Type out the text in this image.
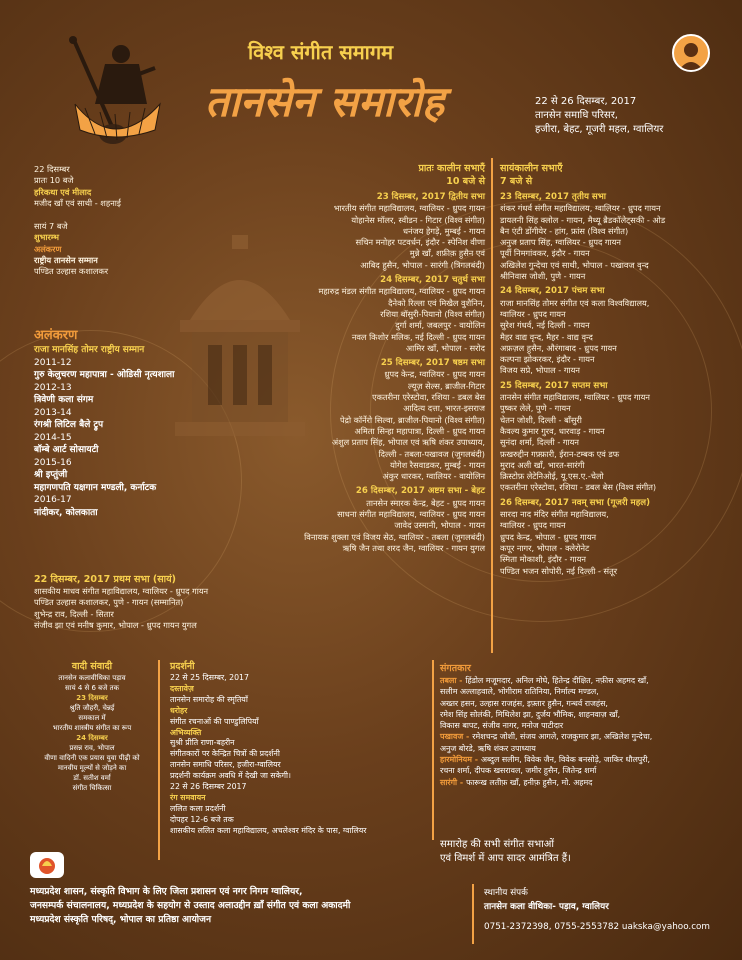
विश्व संगीत समागम
तानसेन समारोह	22 से 26 दिसम्बर, 2017
तानसेन समाधि परिसर,
हजीरा, बेहट, गूजरी महल, ग्वालियर
22 दिसम्बर
प्रातः 10 बजे
हरिकथा एवं मीलाद
मजीद खाँ एवं साथी - शहनाई
सायं 7 बजे
शुभारम्भ
अलंकरण
राष्ट्रीय तानसेन सम्मान
पण्डित उल्हास कशालकर
अलंकरण
राजा मानसिंह तोमर राष्ट्रीय सम्मान
2011-12
गुरु केलुचरण महापात्रा - ओडिसी नृत्यशाला
2012-13
त्रिवेणी कला संगम
2013-14
रंगश्री लिटिल बैले ट्रुप
2014-15
बॉम्बे आर्ट सोसायटी
2015-16
श्री इप्तुंजी
महागणपति यक्षगान मण्डली, कर्नाटक
2016-17
नांदीकर, कोलकाता
22 दिसम्बर, 2017 प्रथम सभा (सायं)
शासकीय माधव संगीत महाविद्यालय, ग्वालियर - ध्रुपद गायन
पण्डित उल्हास कशालकर, पुणे - गायन (सम्मानित)
शुभेन्द्र राव, दिल्ली - सितार
संजीव झा एवं मनीष कुमार, भोपाल - ध्रुपद गायन युगल
प्रातः कालीन सभाएँ
10 बजे से
23 दिसम्बर, 2017 द्वितीय सभा
भारतीय संगीत महाविद्यालय, ग्वालियर - ध्रुपद गायन
योहानेस मॉलर, स्वीडन - गिटार (विश्व संगीत)
धनंजय हेगड़े, मुम्बई - गायन
सचिन मनोहर पटवर्धन, इंदौर - स्पेनिश वीणा
मुन्ने खाँ, शफ़ीक़ हुसैन एवं
आबिद हुसैन, भोपाल - सारंगी (त्रिगलबंदी)
24 दिसम्बर, 2017 चतुर्थ सभा
महारुद्र मंडल संगीत महाविद्यालय, ग्वालियर - ध्रुपद गायन
दैनेको रिल्ला एवं मिखैल वुशैनिन,
रशिया बॉसुरी-पियानो (विश्व संगीत)
दुर्गा शर्मा, जबलपुर - वायोलिन
नवल किशोर मलिक, नई दिल्ली - ध्रुपद गायन
आमिर खाँ, भोपाल - सरोद
25 दिसम्बर, 2017 षष्ठम सभा
ध्रुपद केन्द्र, ग्वालियर - ध्रुपद गायन
ल्यूज़ सेल्स, ब्राजील-गिटार
एकतरीना एरेस्टोवा, रशिया - डबल बेस
आदित्य दत्ता, भारत-इसराज
पेद्रो कॉर्नेरो सिल्वा, ब्राजील-पियानो (विश्व संगीत)
अमिता सिन्हा महापात्रा, दिल्ली - ध्रुपद गायन
अंशुल प्रताप सिंह, भोपाल एवं ऋषि शंकर उपाध्याय,
दिल्ली - तबला-पखावज (जुगलबंदी)
योगेश रैसवाडकर, मुम्बई - गायन
अंकुर धारकर, ग्वालियर - वायोलिन
26 दिसम्बर, 2017 अष्टम सभा - बेहट
तानसेन स्मारक केन्द्र, बेहट - ध्रुपद गायन
साधना संगीत महाविद्यालय, ग्वालियर - ध्रुपद गायन
जावेद उस्मानी, भोपाल - गायन
विनायक शुक्ला एवं विजय सेठ, ग्वालियर - तबला (जुगलबंदी)
ऋषि जैन तथा शरद जैन, ग्वालियर - गायन युगल
सायंकालीन सभाएँ
7 बजे से
23 दिसम्बर, 2017 तृतीय सभा
शंकर गंधर्व संगीत महाविद्यालय, ग्वालियर - ध्रुपद गायन
डायलनी सिंह क्लोल - गायन, मैथ्यू ब्रैडकॉलेट्सकी - ओड
बैन एंटी डोंगीयेर - हांग, फ्रांस (विश्व संगीत)
अनुज प्रताप सिंह, ग्वालियर - ध्रुपद गायन
पूर्वी निमगांवकर, इंदौर - गायन
अखिलेश गुन्देचा एवं साथी, भोपाल - पखावज वृन्द
श्रीनिवास जोशी, पुणे - गायन
24 दिसम्बर, 2017 पंचम सभा
राजा मानसिंह तोमर संगीत एवं कला विश्वविद्यालय,
ग्वालियर - ध्रुपद गायन
सुरेश गंधर्व, नई दिल्ली - गायन
मैहर वाद्य वृन्द, मैहर - वाद्य वृन्द
अफ़ज़ल हुसैन, औरंगाबाद - ध्रुपद गायन
कल्पना झोकरकर, इंदौर - गायन
विजय सप्रे, भोपाल - गायन
25 दिसम्बर, 2017 सप्तम सभा
तानसेन संगीत महाविद्यालय, ग्वालियर - ध्रुपद गायन
पुष्कर लेले, पुणे - गायन
चेतन जोशी, दिल्ली - बाँसुरी
कैवल्य कुमार गुरव, धारवाड़ - गायन
सुनंदा शर्मा, दिल्ली - गायन
फ़खरुद्दीन गफ़्फ़ारी, ईरान-टम्बक एवं डफ
मुराद अली खाँ, भारत-सारंगी
क्रिस्टोफ़ लेटेनिओई, यू.एस.ए.-चेलो
एकतरीना एरेस्टोवा, रशिया - डबल बेस (विश्व संगीत)
26 दिसम्बर, 2017 नवम् सभा (गूजरी महल)
सारदा नाद मंदिर संगीत महाविद्यालय,
ग्वालियर - ध्रुपद गायन
ध्रुपद केन्द्र, भोपाल - ध्रुपद गायन
कपूर नागर, भोपाल - क्लेरोनेट
स्मिता मोकाशी, इंदौर - गायन
पण्डित भजन सोपोरी, नई दिल्ली - संतूर
वादी संवादी
तानसेन कलावीथिका पड़ाव
सायं 4 से 6 बजे तक
23 दिसम्बर
श्रुति जौहरी, चेन्नई
समकाल में
भारतीय शास्त्रीय संगीत का रूप
24 दिसम्बर
प्रसन्न राव, भोपाल
वीणा वादिनी एक प्रयास युवा पीढ़ी को
मानवीय मूल्यों से जोड़ने का
डॉ. सतीश वर्मा
संगीत चिकित्सा
प्रदर्शनी
22 से 25 दिसम्बर, 2017
दस्तावेज़
तानसेन समारोह की स्मृतियाँ
धरोहर
संगीत रचनाओं की पाण्डुलिपियाँ
अभिव्यक्ति
सुश्री प्रीति राणा-बहरीन
संगीतकारों पर केन्द्रित चित्रों की प्रदर्शनी
तानसेन समाधि परिसर, हजीरा-ग्वालियर
प्रदर्शनी कार्यक्रम अवधि में देखी जा सकेगी।
22 से 26 दिसम्बर 2017
रंग समवायन
ललित कला प्रदर्शनी
दोपहर 12-6 बजे तक
शासकीय ललित कला महाविद्यालय, अचलेश्वर मंदिर के पास, ग्वालियर
संगतकार
तबला - हिंडोल मजूमदार, अनिल मोघे, हितेन्द्र दीक्षित, नफ़ीस अहमद खाँ,
सलीम अल्लाहवाले, भोगीराम रातिनिया, निर्माल्य मण्डल,
अख्तर हसन, उल्हास राजहंस, इफ़्तार हुसैन, गन्धर्व राजहंस,
रमेश सिंह सोलंकी, मिथिलेश झा, दुर्जय भौमिक, शाहनवाज़ खाँ,
विकास बापट, संजीव नागर, मनोज पाटीदार
पखावज - रमेशचन्द्र जोशी, संजय आगले, राजकुमार झा, अखिलेश गुन्देचा,
अनुज बोरडे, ऋषि शंकर उपाध्याय
हारमोनियम - अब्दुल सलीम, विवेक जैन, विवेक बनसोड़े, जाकिर धौलपुरी,
रचना शर्मा, दीपक खसरावल, जमीर हुसैन, जितेन्द्र शर्मा
सारंगी - फारूख लतीफ़ खाँ, हनीफ़ हुसैन, मो. अहमद
समारोह की सभी संगीत सभाओं
एवं विमर्श में आप सादर आमंत्रित हैं।
मध्यप्रदेश शासन, संस्कृति विभाग के लिए जिला प्रशासन एवं नगर निगम ग्वालियर,
जनसम्पर्क संचालनालय, मध्यप्रदेश के सहयोग से उस्ताद अलाउद्दीन ख़ाँ संगीत एवं कला अकादमी
मध्यप्रदेश संस्कृति परिषद्, भोपाल का प्रतिष्ठा आयोजन
स्थानीय संपर्क
तानसेन कला वीथिका- पड़ाव, ग्वालियर
0751-2372398, 0755-2553782 uakska@yahoo.com
